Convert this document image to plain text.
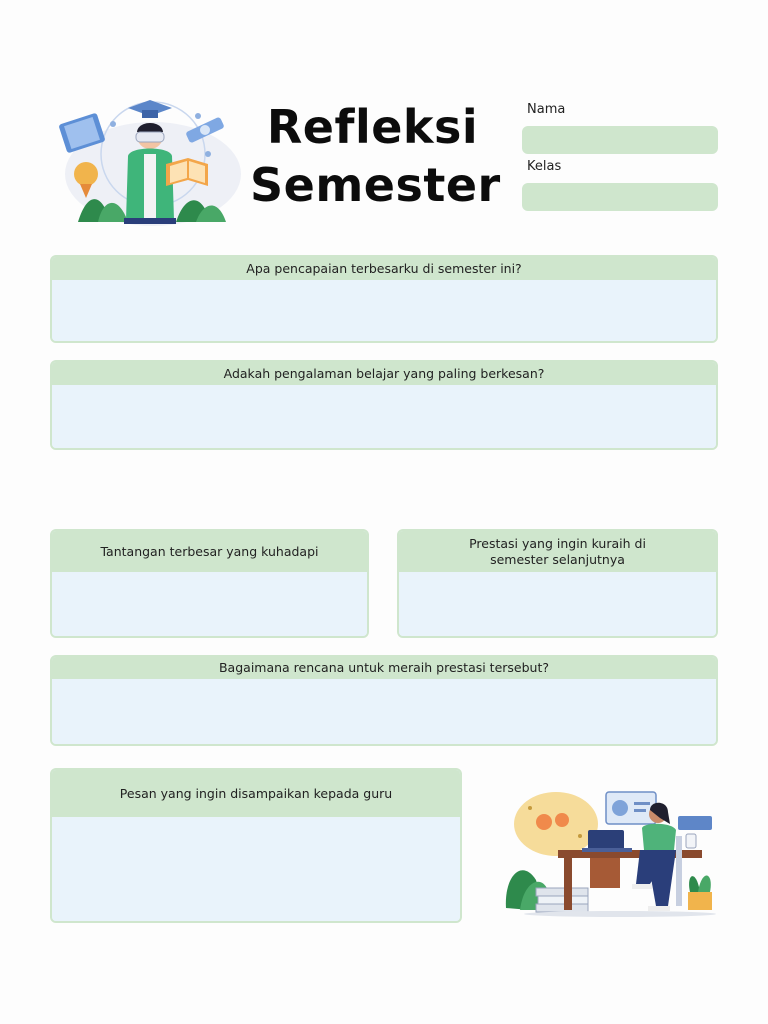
Refleksi
Semester
Nama
Kelas
Apa pencapaian terbesarku di semester ini?
Adakah pengalaman belajar yang paling berkesan?
Tantangan terbesar yang kuhadapi
Prestasi yang ingin kuraih di semester selanjutnya
Bagaimana rencana untuk meraih prestasi tersebut?
Pesan yang ingin disampaikan kepada guru
